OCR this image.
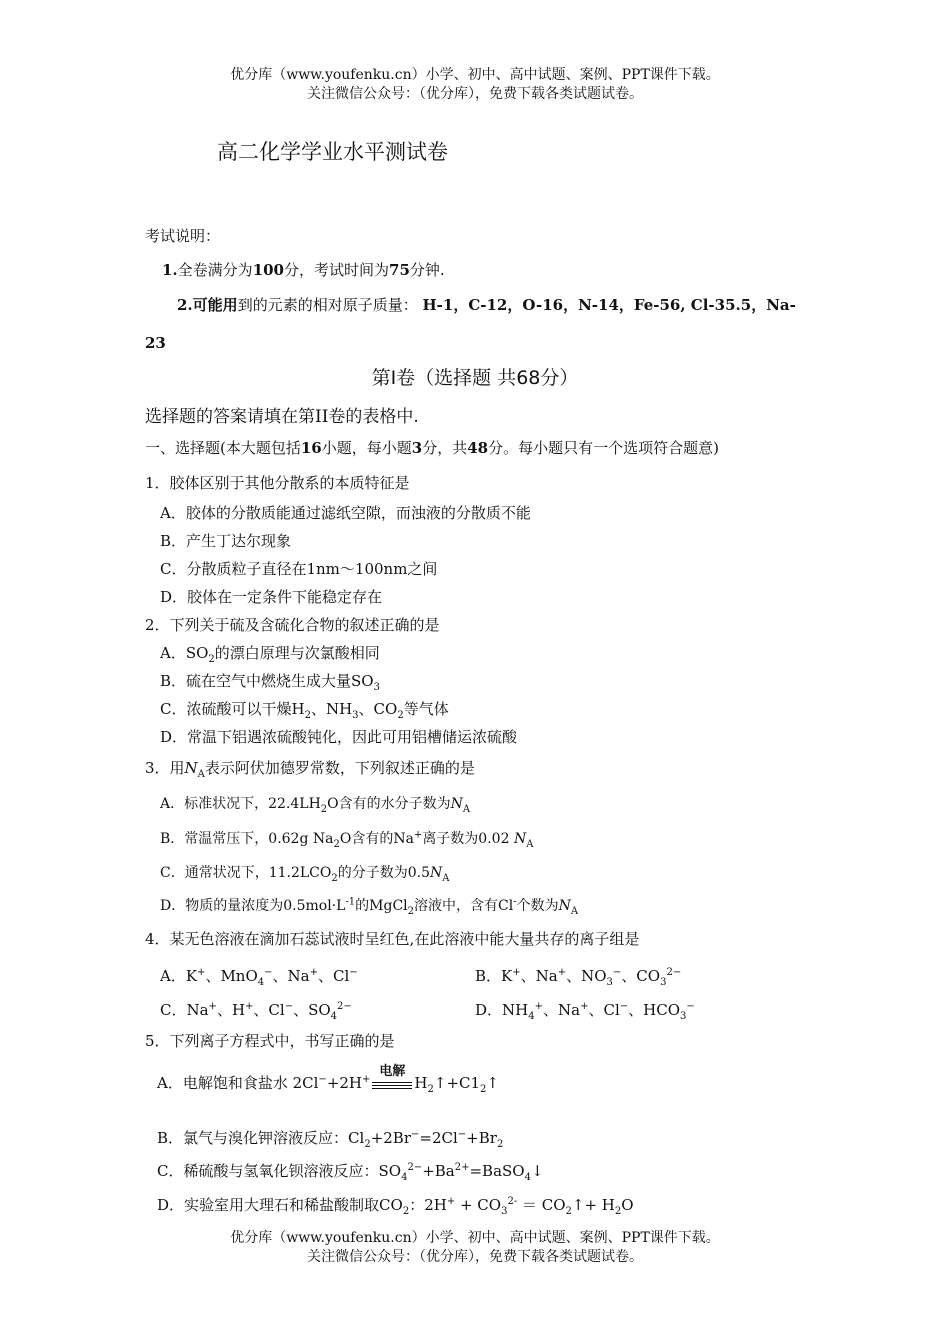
优分库（www.youfenku.cn）小学、初中、高中试题、案例、PPT课件下载。
关注微信公众号：（优分库），免费下载各类试题试卷。
高二化学学业水平测试卷
考试说明：
1.全卷满分为100分，考试时间为75分钟.
2.可能用到的元素的相对原子质量： H-1，C-12，O-16，N-14，Fe-56, Cl-35.5，Na-
23
第Ⅰ卷（选择题 共68分）
选择题的答案请填在第II卷的表格中.
一、选择题(本大题包括16小题，每小题3分，共48分。每小题只有一个选项符合题意)
1．胶体区别于其他分散系的本质特征是
A．胶体的分散质能通过滤纸空隙，而浊液的分散质不能
B．产生丁达尔现象
C．分散质粒子直径在1nm～100nm之间
D．胶体在一定条件下能稳定存在
2．下列关于硫及含硫化合物的叙述正确的是
A．$SO_2$的漂白原理与次氯酸相同
B．硫在空气中燃烧生成大量$SO_3$
C．浓硫酸可以干燥$H_2$、$NH_3$、$CO_2$等气体
D．常温下铝遇浓硫酸钝化，因此可用铝槽储运浓硫酸
3．用$N_A$表示阿伏加德罗常数，下列叙述正确的是
A．标准状况下，$22.4LH_2O$含有的水分子数为$N_A$
B．常温常压下，0.62g $Na_2O$含有的Na+离子数为0.02 $N_A$
C．通常状况下，$11.2LCO_2$的分子数为$0.5N_A$
D．物质的量浓度为$0.5mol\cdot L^{-1}$的MgCl$_2$溶液中，含有Cl-个数为$N_A$
4．某无色溶液在滴加石蕊试液时呈红色,在此溶液中能大量共存的离子组是
A．K+、MnO$_4$−、Na+、Cl−	B．K+、Na+、$NO_3^-$、$CO_3^{2-}$
C．Na+、H+、Cl−、$SO_4^{2-}$	D．$NH_4^+$、Na+、Cl−、$HCO_3^-$
5．下列离子方程式中，书写正确的是
A．电解饱和食盐水 2Cl−+2H+
电解
$H_2↑+C1_2↑$
B．氯气与溴化钾溶液反应：$Cl_2+2Br^-=2Cl^-+Br_2$
C．稀硫酸与氢氧化钡溶液反应：$SO_4^{2-}+Ba^{2+}=BaSO_4↓$
D．实验室用大理石和稀盐酸制取$CO_2$：$2H^+ + CO_3^{2-}$ ＝ $CO_2↑+ H_2O$
优分库（www.youfenku.cn）小学、初中、高中试题、案例、PPT课件下载。
关注微信公众号：（优分库），免费下载各类试题试卷。
